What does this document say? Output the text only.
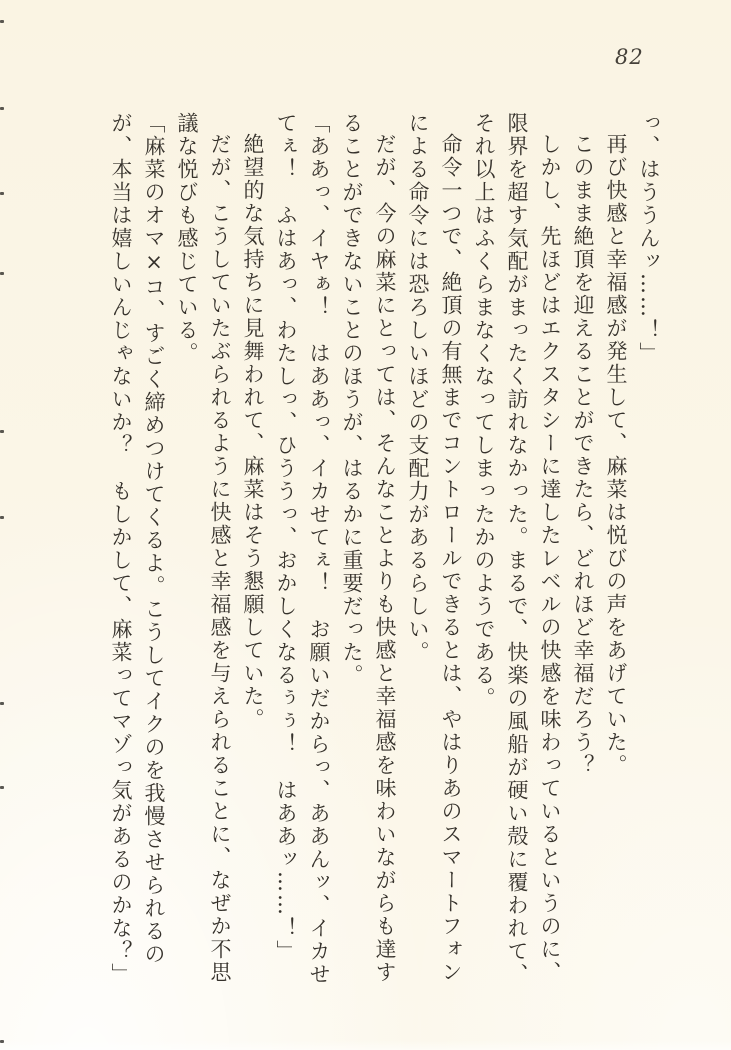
82

っ、はううんッ……！」

再び快感と幸福感が発生して、麻菜は悦びの声をあげていた。

このまま絶頂を迎えることができたら、どれほど幸福だろう？

しかし、先ほどはエクスタシーに達したレベルの快感を味わっているというのに、限界を超す気配がまったく訪れなかった。まるで、快楽の風船が硬い殻に覆われて、それ以上はふくらまなくなってしまったかのようである。

命令一つで、絶頂の有無までコントロールできるとは、やはりあのスマートフォンによる命令には恐ろしいほどの支配力があるらしい。

だが、今の麻菜にとっては、そんなことよりも快感と幸福感を味わいながらも達することができないことのほうが、はるかに重要だった。

「ああっ、イヤぁ！　はああっ、イカせてぇ！　お願いだからっ、ああんッ、イカせてぇ！　ふはあっ、わたしっ、ひううっ、おかしくなるぅぅ！　はああッ……！」

絶望的な気持ちに見舞われて、麻菜はそう懇願していた。

だが、こうしていたぶられるように快感と幸福感を与えられることに、なぜか不思議な悦びも感じている。

「麻菜のオマ×コ、すごく締めつけてくるよ。こうしてイクのを我慢させられるのが、本当は嬉しいんじゃないか？　もしかして、麻菜ってマゾっ気があるのかな？」
